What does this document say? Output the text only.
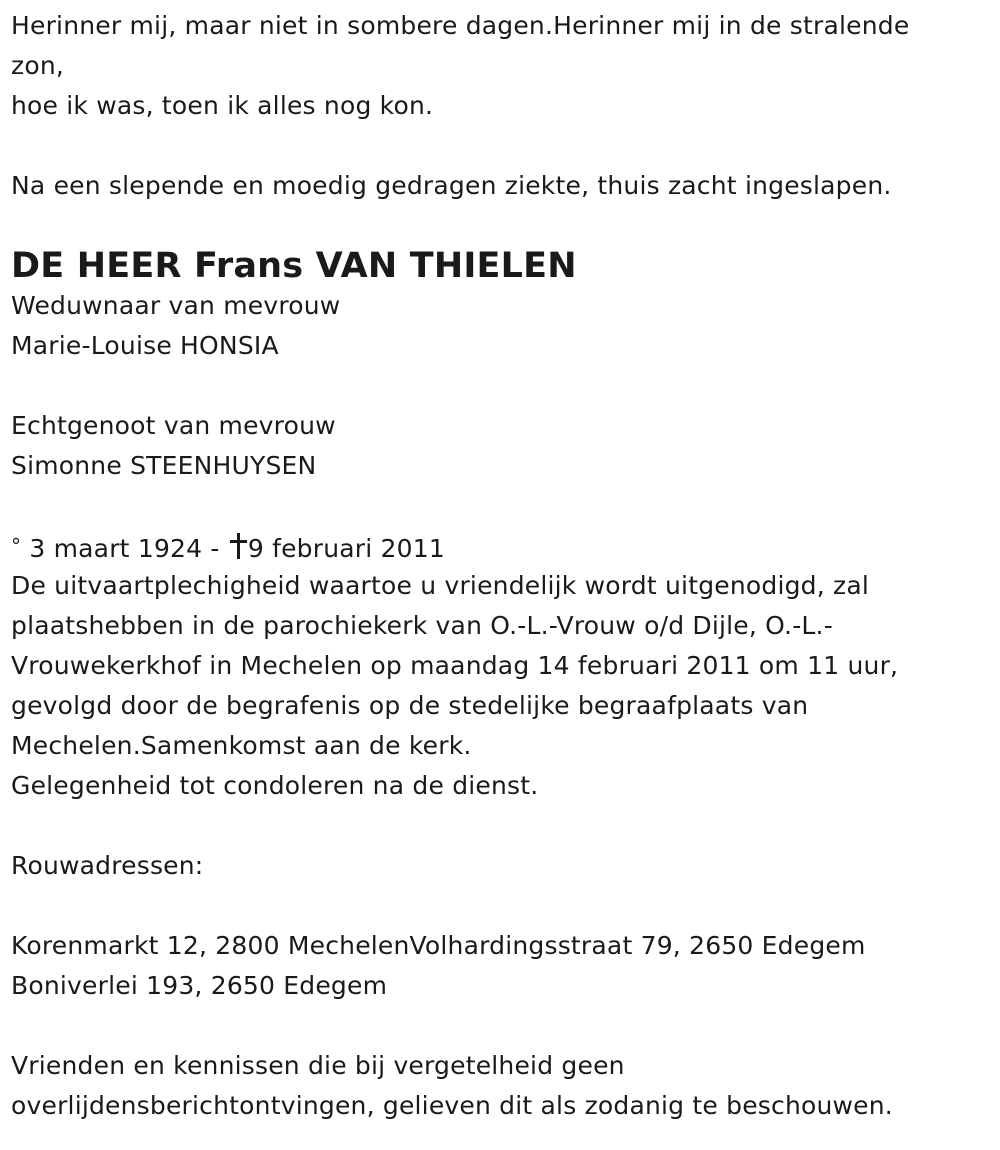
Herinner mij, maar niet in sombere dagen.Herinner mij in de stralende
zon,
hoe ik was, toen ik alles nog kon.
Na een slepende en moedig gedragen ziekte, thuis zacht ingeslapen.
DE HEER Frans VAN THIELEN
Weduwnaar van mevrouw
Marie-Louise HONSIA
Echtgenoot van mevrouw
Simonne STEENHUYSEN
° 3 maart 1924 - 9 februari 2011
De uitvaartplechigheid waartoe u vriendelijk wordt uitgenodigd, zal
plaatshebben in de parochiekerk van O.-L.-Vrouw o/d Dijle, O.-L.-
Vrouwekerkhof in Mechelen op maandag 14 februari 2011 om 11 uur,
gevolgd door de begrafenis op de stedelijke begraafplaats van
Mechelen.Samenkomst aan de kerk.
Gelegenheid tot condoleren na de dienst.
Rouwadressen:
Korenmarkt 12, 2800 MechelenVolhardingsstraat 79, 2650 Edegem
Boniverlei 193, 2650 Edegem
Vrienden en kennissen die bij vergetelheid geen
overlijdensberichtontvingen, gelieven dit als zodanig te beschouwen.
